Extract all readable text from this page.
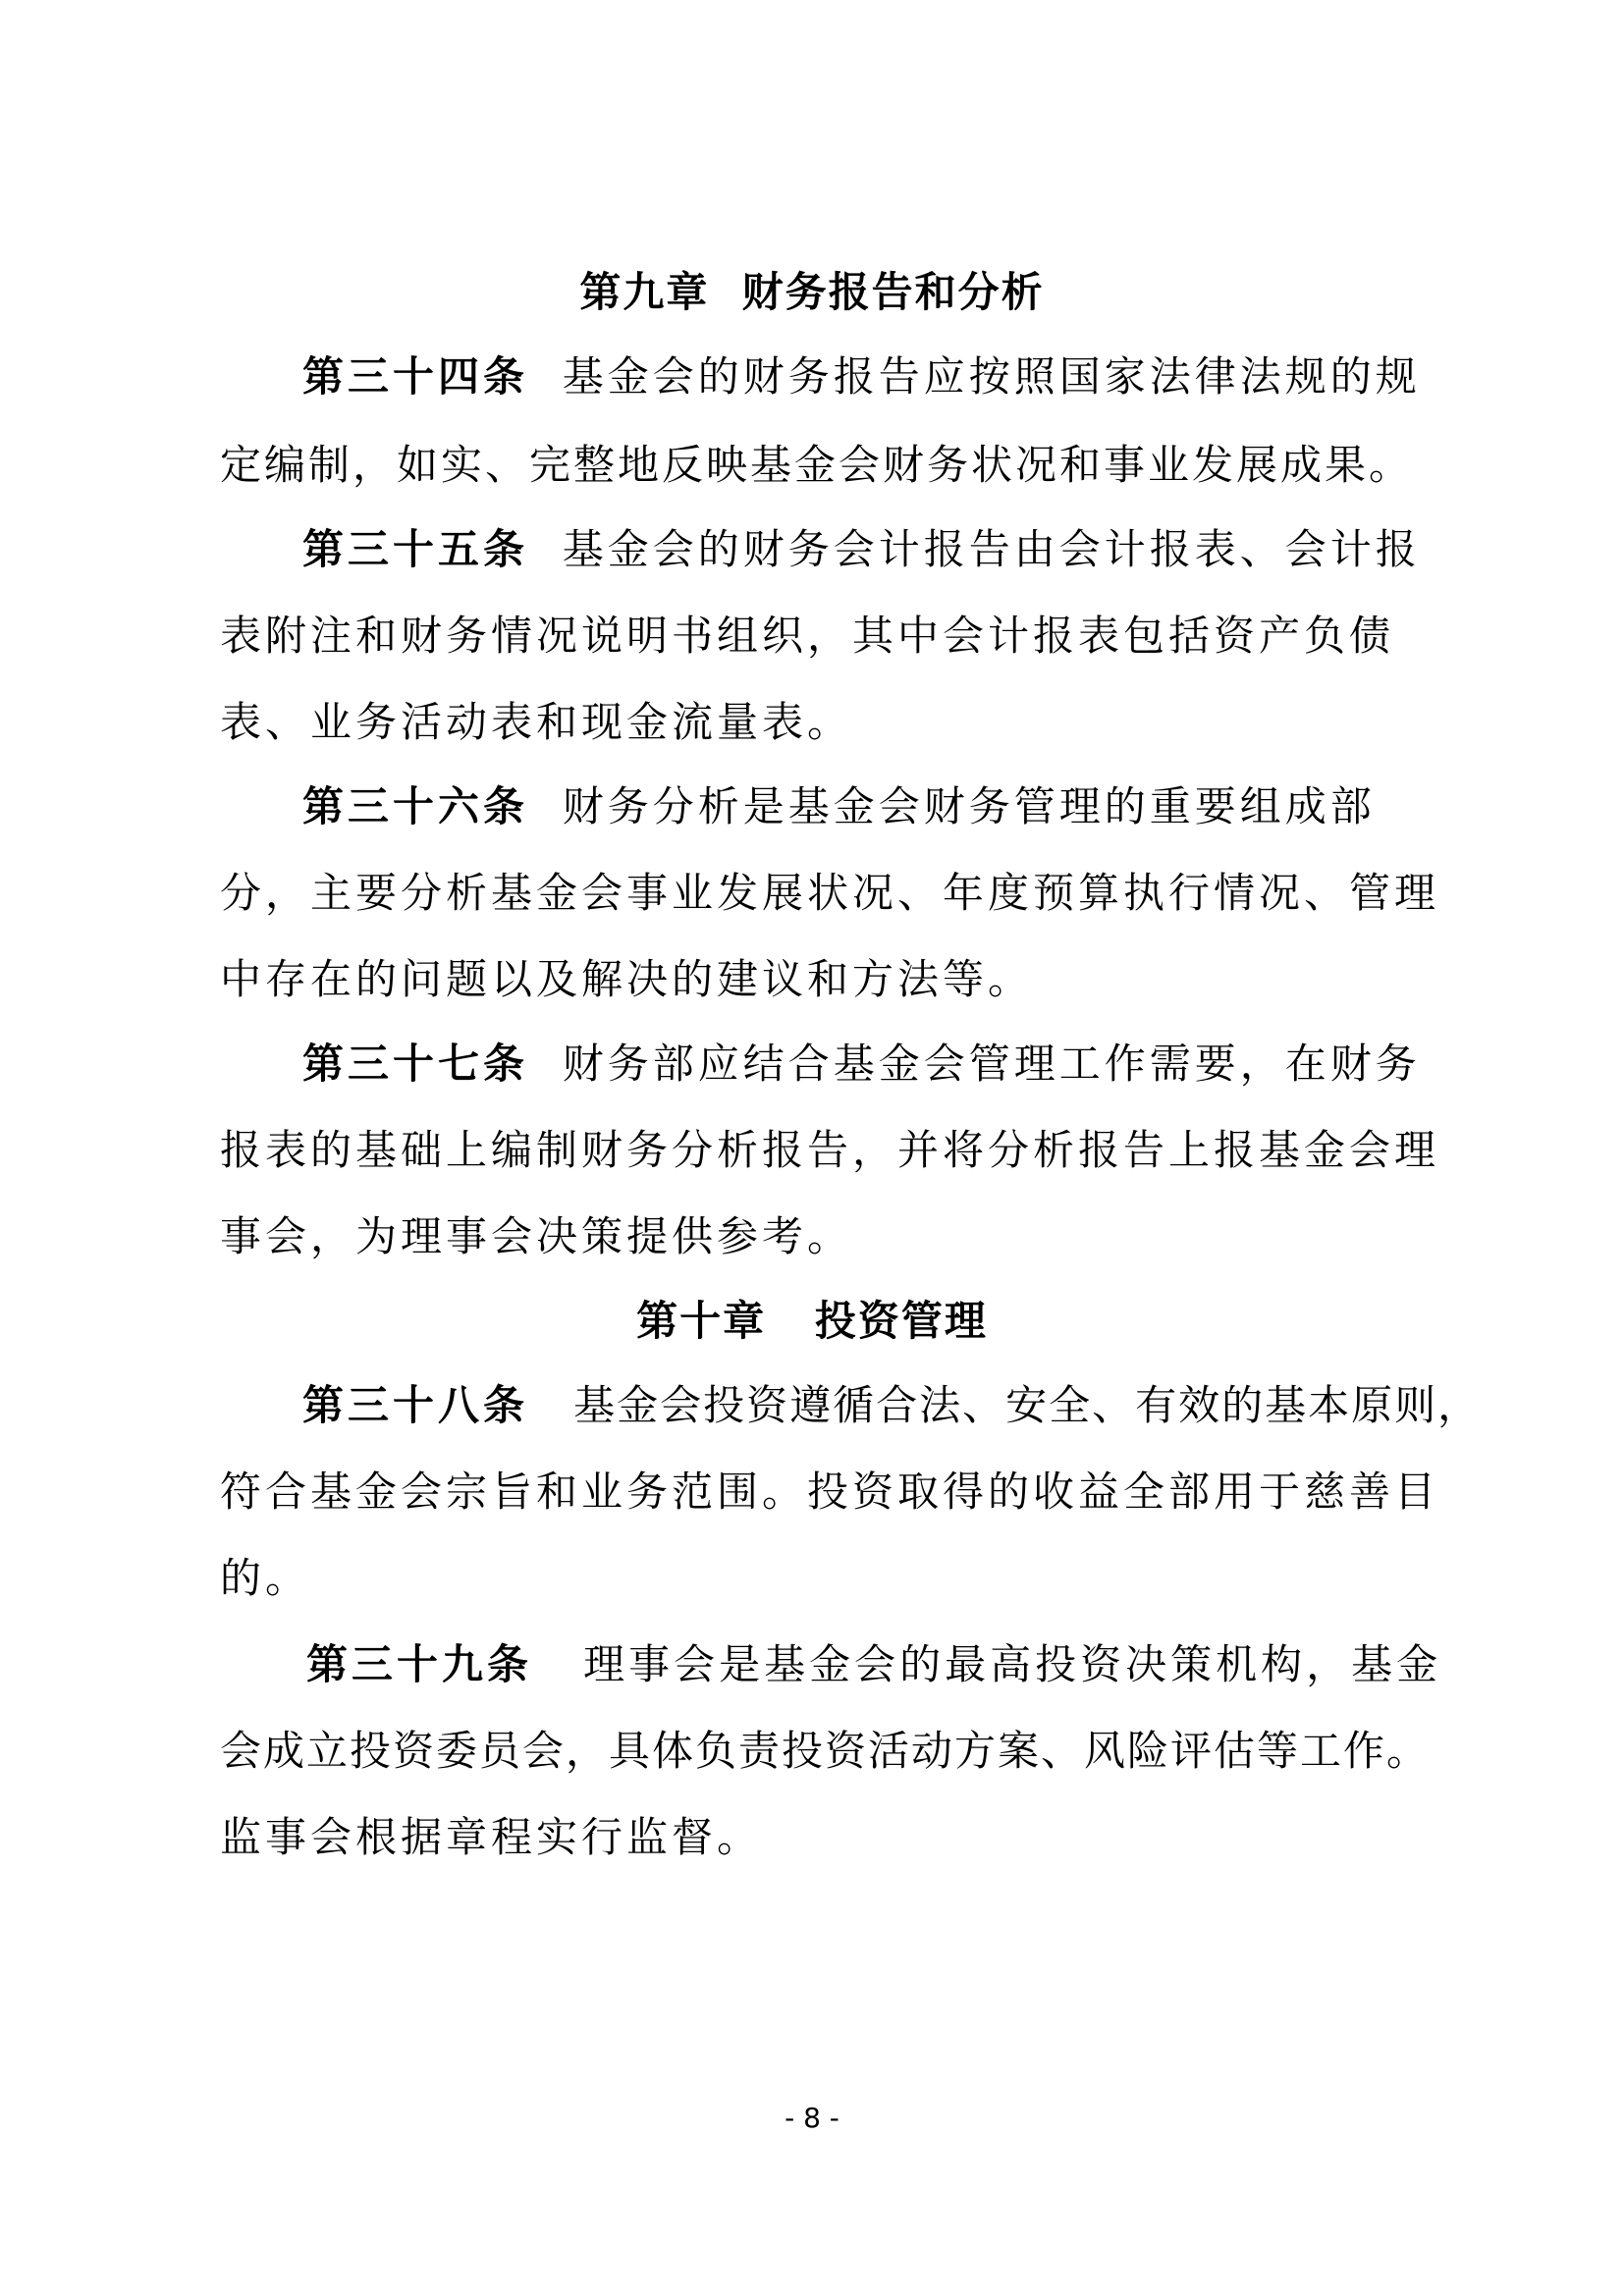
第九章  财务报告和分析
第三十四条 基金会的财务报告应按照国家法律法规的规
定编制，如实、完整地反映基金会财务状况和事业发展成果。
第三十五条 基金会的财务会计报告由会计报表、会计报
表附注和财务情况说明书组织，其中会计报表包括资产负债
表、业务活动表和现金流量表。
第三十六条 财务分析是基金会财务管理的重要组成部
分，主要分析基金会事业发展状况、年度预算执行情况、管理
中存在的问题以及解决的建议和方法等。
第三十七条 财务部应结合基金会管理工作需要，在财务
报表的基础上编制财务分析报告，并将分析报告上报基金会理
事会，为理事会决策提供参考。
第十章   投资管理
第三十八条 基金会投资遵循合法、安全、有效的基本原则，
符合基金会宗旨和业务范围。投资取得的收益全部用于慈善目
的。
第三十九条 理事会是基金会的最高投资决策机构，基金
会成立投资委员会，具体负责投资活动方案、风险评估等工作。
监事会根据章程实行监督。
- 8 -
